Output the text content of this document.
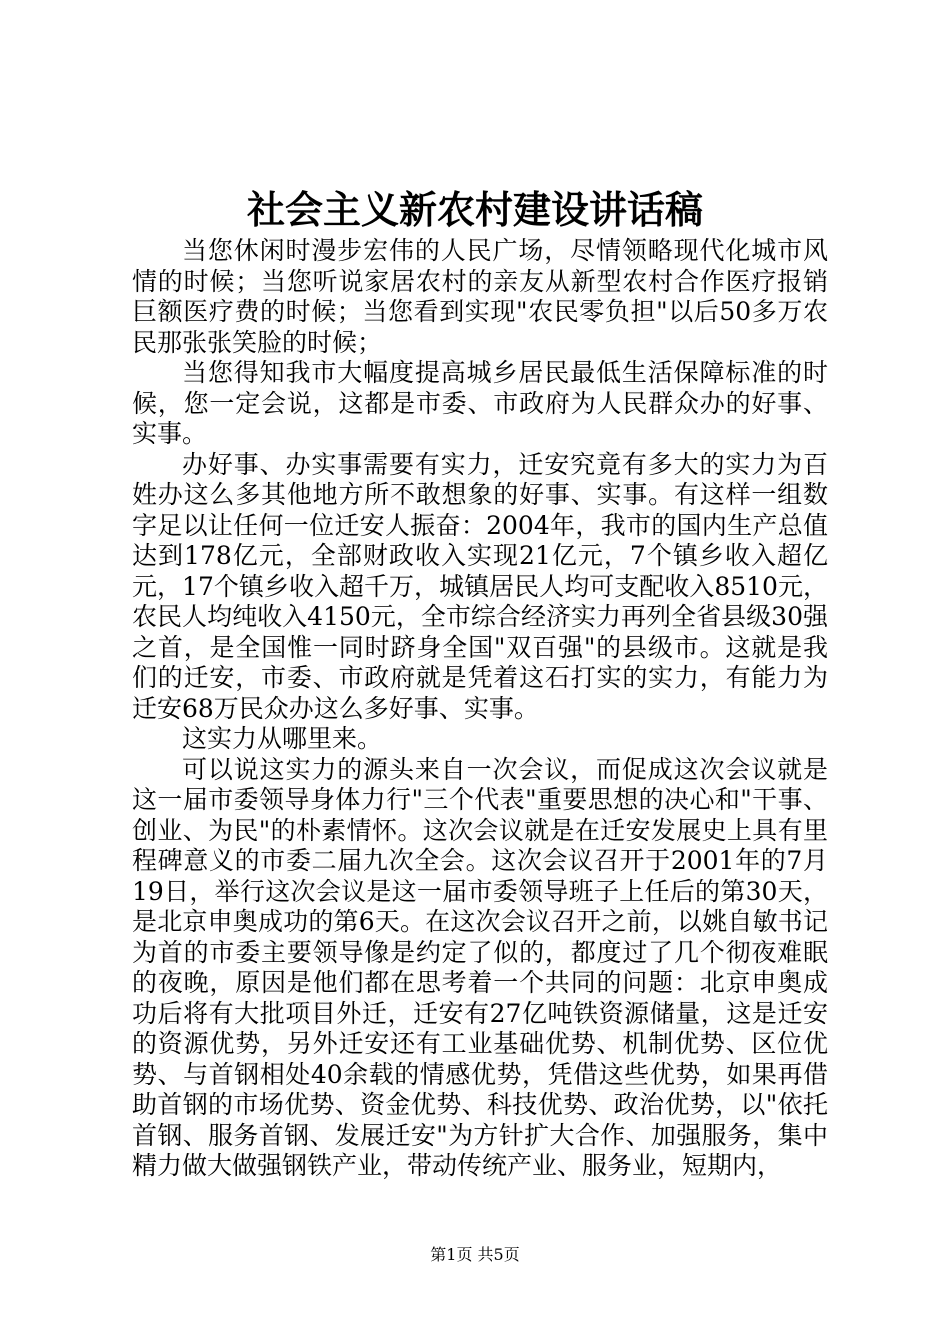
社会主义新农村建设讲话稿

当您休闲时漫步宏伟的人民广场，尽情领略现代化城市风情的时候；当您听说家居农村的亲友从新型农村合作医疗报销巨额医疗费的时候；当您看到实现"农民零负担"以后50多万农民那张张笑脸的时候；

当您得知我市大幅度提高城乡居民最低生活保障标准的时候，您一定会说，这都是市委、市政府为人民群众办的好事、实事。

办好事、办实事需要有实力，迁安究竟有多大的实力为百姓办这么多其他地方所不敢想象的好事、实事。有这样一组数字足以让任何一位迁安人振奋：2004年，我市的国内生产总值达到178亿元，全部财政收入实现21亿元，7个镇乡收入超亿元，17个镇乡收入超千万，城镇居民人均可支配收入8510元，农民人均纯收入4150元，全市综合经济实力再列全省县级30强之首，是全国惟一同时跻身全国"双百强"的县级市。这就是我们的迁安，市委、市政府就是凭着这石打实的实力，有能力为迁安68万民众办这么多好事、实事。

这实力从哪里来。

可以说这实力的源头来自一次会议，而促成这次会议就是这一届市委领导身体力行"三个代表"重要思想的决心和"干事、创业、为民"的朴素情怀。这次会议就是在迁安发展史上具有里程碑意义的市委二届九次全会。这次会议召开于2001年的7月19日，举行这次会议是这一届市委领导班子上任后的第30天，是北京申奥成功的第6天。在这次会议召开之前，以姚自敏书记为首的市委主要领导像是约定了似的，都度过了几个彻夜难眠的夜晚，原因是他们都在思考着一个共同的问题：北京申奥成功后将有大批项目外迁，迁安有27亿吨铁资源储量，这是迁安的资源优势，另外迁安还有工业基础优势、机制优势、区位优势、与首钢相处40余载的情感优势，凭借这些优势，如果再借助首钢的市场优势、资金优势、科技优势、政治优势，以"依托首钢、服务首钢、发展迁安"为方针扩大合作、加强服务，集中精力做大做强钢铁产业，带动传统产业、服务业，短期内，

第1页 共5页
